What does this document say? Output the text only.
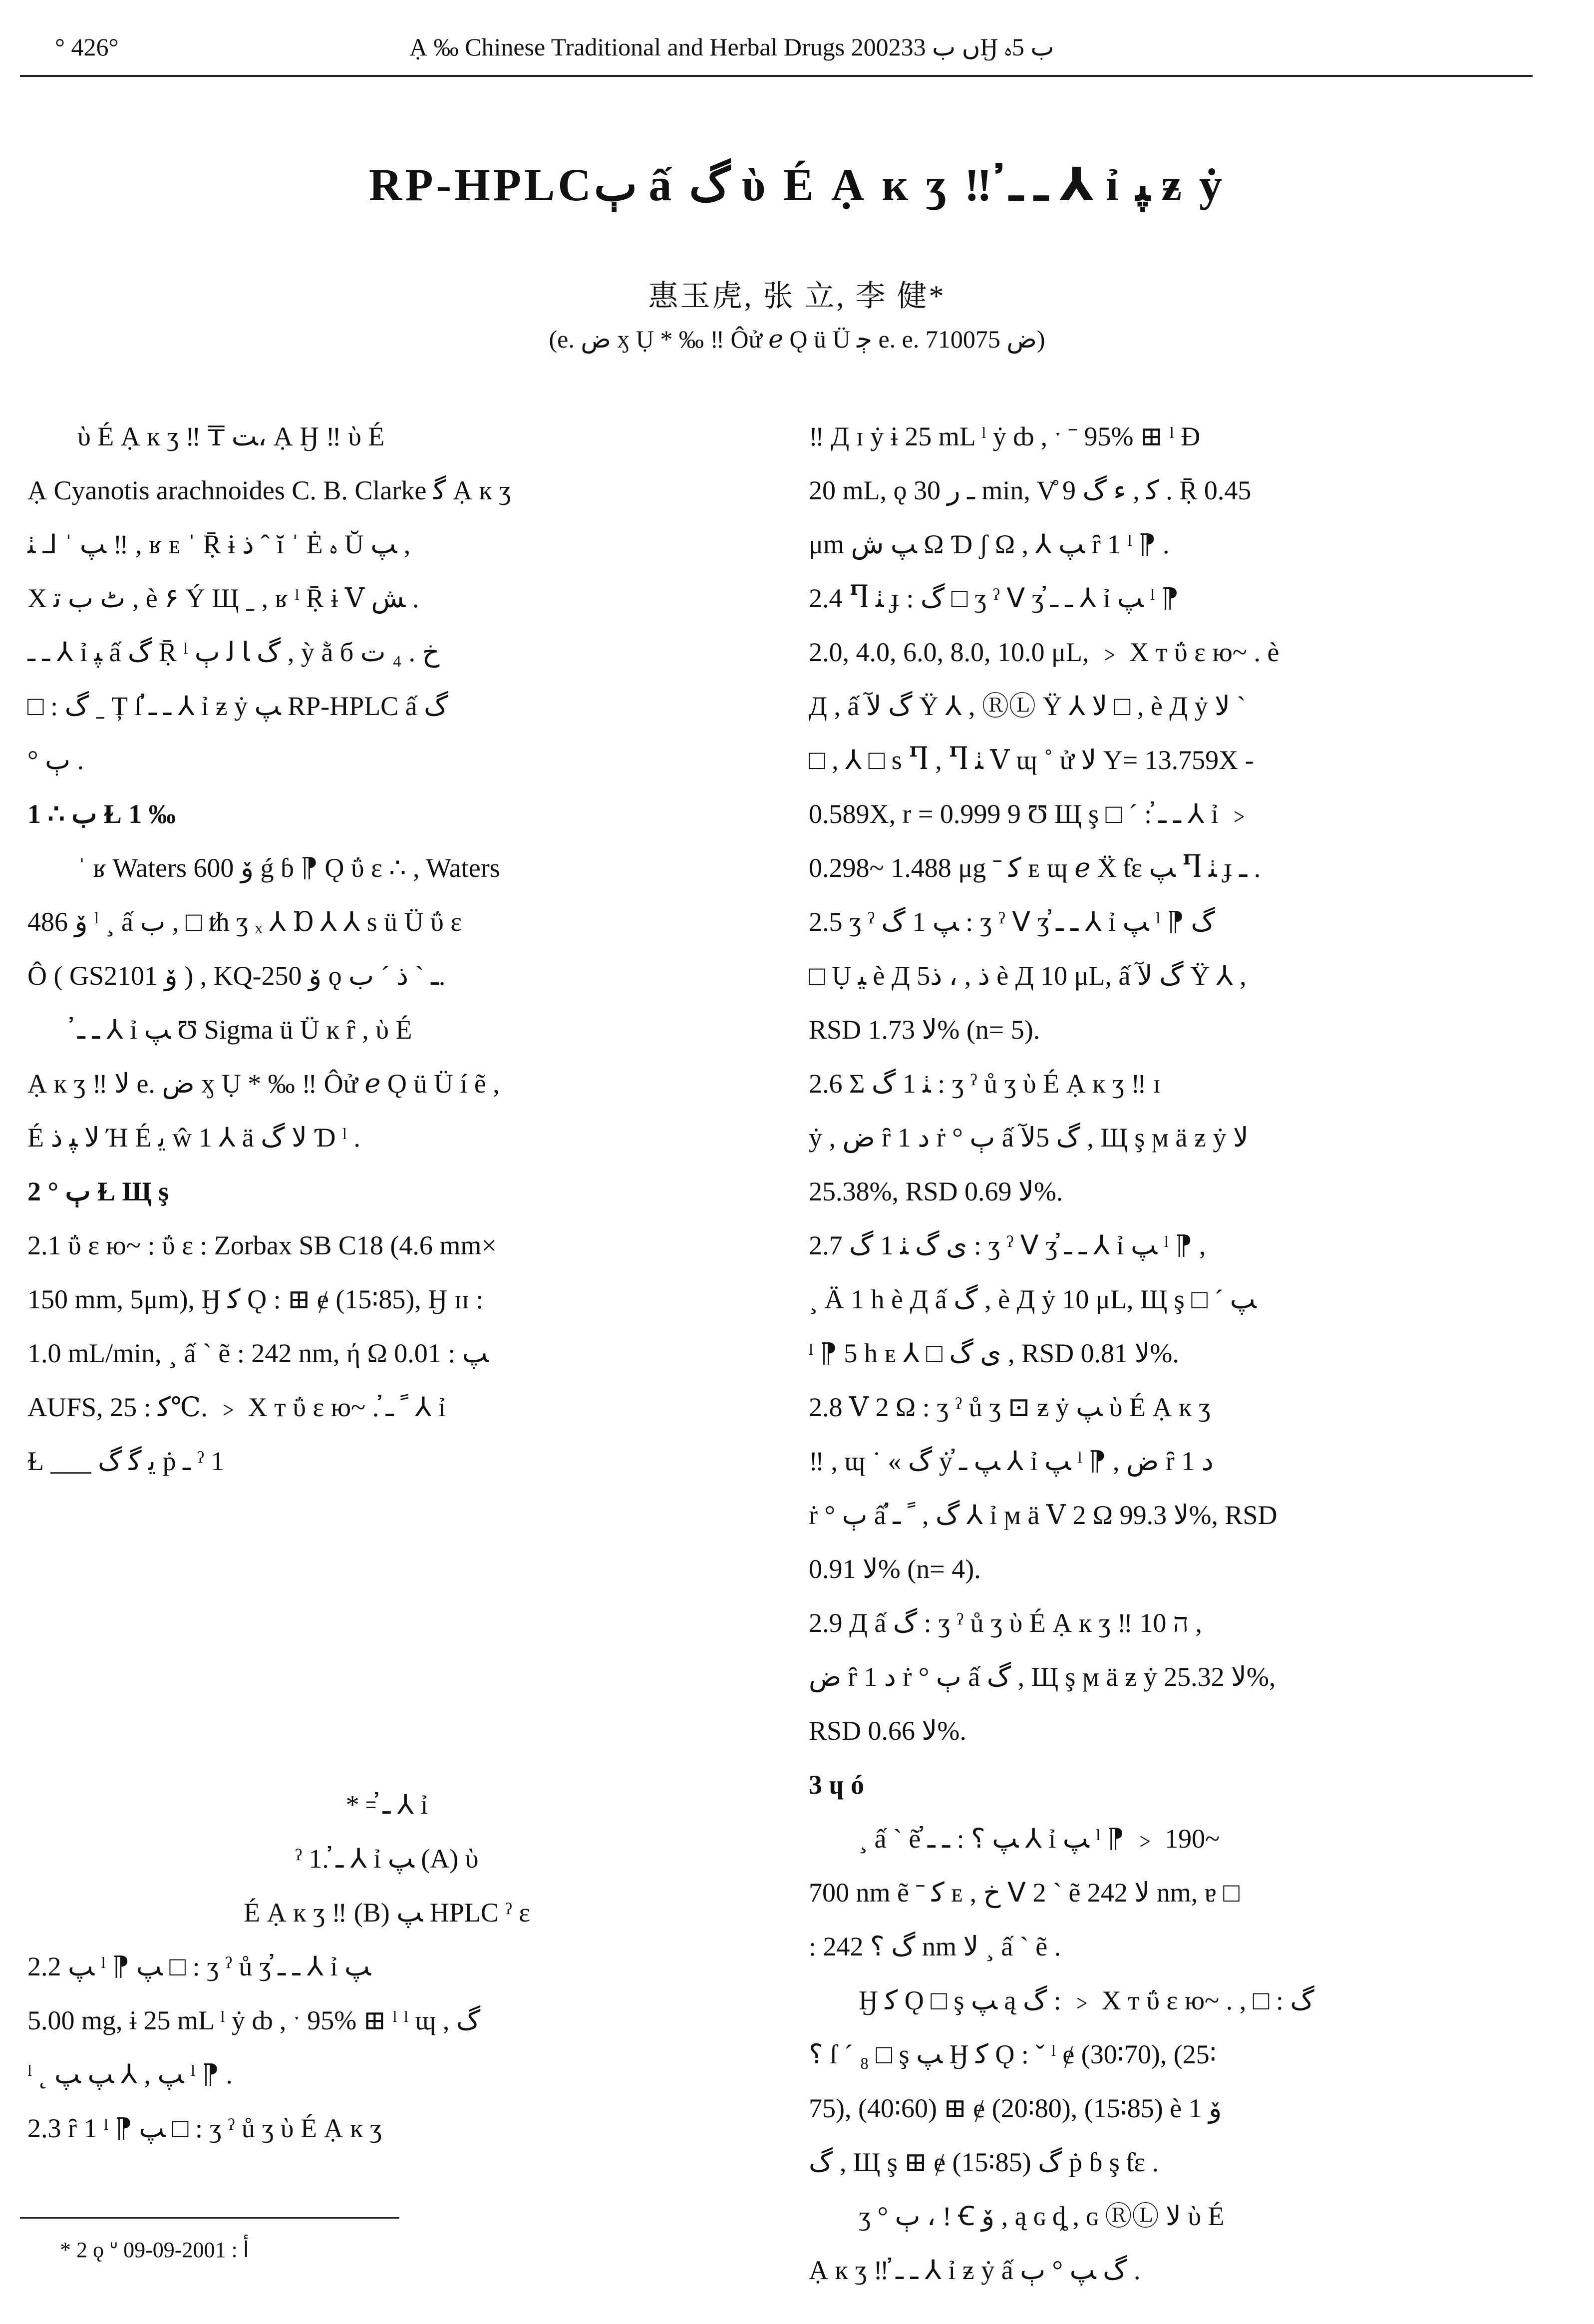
° 426°	Ạ ‰ Chinese Traditional and Herbal Drugs 2002ں ب 33Ӈ ب 5ﮦ
RP-HPLCﭒ ấ گ ὺ É Ạ к ʒ ‼ ـ ـ҆ ⅄ ỉ ﭙ ƶ ẏ
惠玉虎, 张 立, 李 健*
(e. ﺽ ӽ Ụ * ‰ ‼ Ôử ℯ Ǫ ü Ü ﭴ e. e. ﺽ 710075)

ὺ É Ạ к ʒ ‼ ₸ ﺖ، Ạ Ӈ ‼ ὺ É

Ạ Cyanotis arachnoides C. B. Clarke ﮔ Ạ к ʒ

ﭗ ˈ ⅃ ﭡ ‼ , ʁ ᴇ ˈ Ṝ ɨ ﺫ ˆ ĭ ˈ Ė ﮦ Ŭ ﭗ ,

Χ ﭦ ﺏ ﺗ , è ۶ Ý Щ ˍ , ʁ ˡ Ṝ ɨ Ⅴ ﺶ .

ـ ـ҆ ⅄ ỉ ﭙ ấ گ Ṝ ˡ ﮒ ﺎ ﻟ ﭒ , ỳ ằ б ﺥ . ₄ ﺕ

□ : ﮒ ˍ Ț ſ ـ ـ҆ ⅄ ỉ ƶ ẏ ﭗ RP-HPLC ấ گ

° ﭒ .

1 ∴ ب Ɫ 1 ‰

ˈ ʁ Waters 600 ﯙ ǵ ɓ ⁋ Ǫ ΰ ɛ ∴ , Waters

486 ﯙ ˡ ¸ ấ ب , □ ᵺ ʒ ₓ ⅄ Ɒ ⅄ ⅄ ѕ ü Ü ΰ ɛ

Ô ( GS2101 ﯙ ) , KQ-250 ﯙ ǫ ـ ˋ ﺫ ˊ ﺏ.

ـ ـ҆ ⅄ ỉ ﭗ Ʊ Sigma ü Ü ĸ ȓ , ὺ É

Ạ к ʒ ‼ ﻻ e. ﺽ ӽ Ụ * ‰ ‼ Ôử ℯ Ǫ ü Ü í ẽ ,

É ﻻ ﭙ ﺫ Ή É ﻳ ŵ 1 ⅄ ä ﻻ ﮒ Ɗ ˡ .

2 ° ﭒ Ɫ Щ ş

2.1 ΰ ɛ ю~ : ΰ ɛ : Zorbax SB C18 (4.6 mm×

150 mm, 5μm), Ӈ ﮐ Ǫ : ⊞ ɇ (15∶85), Ӈ ɪɪ :

1.0 mL/min, ¸ ấ ˋ ẽ : 242 nm, ή Ω ﭗ : 0.01

AUFS, ﮐ : 25℃. ﹥ Χ т ΰ ɛ ю~ . ﹰ ـ҆ ⅄ ỉ

Ɫ ___ ﻳ ﮔ ﮒ ṗ ـ ˀ 1

* ꞊ ـ҆ ⅄ ỉ

ˀ 1. ـ҆ ⅄ ỉ ﭗ (A) ὺ

É Ạ к ʒ ‼ (B) ﭗ HPLC ˀ ɛ

2.2 ﭗ ˡ ⁋ ﭗ □ : ʒ ˀ ů ʒ ـ ـ҆ ⅄ ỉ ﭗ

5.00 mg, ɨ 25 mL ˡ ẏ ȸ , ˑ 95% ⊞ ˡ ˡ ɰ , گ

ˡ ˛ ﭗ , ⅄ ﭗ ﭗ ˡ ⁋ .

2.3 ȓ 1 ˡ ⁋ ﭗ □ : ʒ ˀ ů ʒ ὺ É Ạ к ʒ

‼ Д ɪ ẏ ɨ 25 mL ˡ ẏ ȸ , ˑ ˉ 95% ⊞ ˡ Ð

20 mL, ǫ ـ ﺭ 30 min, V̊ 9 ﮐ , ﺀ گ . Ṝ 0.45

μm ﭗ ﺵ Ω Ɗ ʃ Ω , ⅄ ﭗ ȓ 1 ˡ ⁋ .

2.4 Ⴄ ﭡ ɟ : ﮒ □ ʒ ˀ ᐯ ʒ ـ ـ҆ ⅄ ỉ ﭗ ˡ ⁋

2.0, 4.0, 6.0, 8.0, 10.0 μL, ﹥ Χ т ΰ ɛ ю~ . è

Д , ấ گ ﻵ Ÿ ⅄ , ⓇⓁ Ÿ ⅄ ﻻ □ , è Д ẏ ﻻ ˋ

□ , ⅄ □ ѕ Ⴄ , Ⴄ ﭡ Ⅴ ɰ ˚ ử ﻻ Y= 13.759X -

0.589X, r = 0.999 9 Ʊ Щ ş □ ˊ : ـ ـ҆ ⅄ ỉ ﹥

0.298~ 1.488 μg ˉ ﮐ ᴇ ɰ ℯ Ẍ ƭɛ ﭗ Ⴄ ﭡ ɟ ـ .

2.5 ʒ ˀ ﭗ 1 ﮒ : ʒ ˀ ᐯ ʒ ـ ـ҆ ⅄ ỉ ﭗ ˡ ⁋ ﮒ

□ Ụ ﻴ è Д 5ﺫ , ، ﺫ è Д 10 μL, ấ گ ﻵ Ÿ ⅄ ,

RSD ﻻ 1.73% (n= 5).

2.6 Σ ﭡ 1 ﮒ : ʒ ˀ ů ʒ ὺ É Ạ к ʒ ‼ ɪ

ẏ , ﺽ ȓ 1 ﺩ ṙ ° ﭒ ấ گ 5ﻵ , Щ ş ϻ ä ƶ ẏ ﻻ

25.38%, RSD ﻻ 0.69%.

2.7 ﯼ گ ﭡ 1 ﮒ : ʒ ˀ ᐯ ʒ ـ ـ҆ ⅄ ỉ ﭗ ˡ ⁋ ,

¸ Ä 1 h è Д ấ گ , è Д ẏ 10 μL, Щ ş □ ˊ ﭗ

ˡ ⁋ 5 h ᴇ ⅄ □ ﯼ گ , RSD ﻻ 0.81%.

2.8 Ⅴ 2 Ω : ʒ ˀ ů ʒ ⊡ ƶ ẏ ﭗ ὺ É Ạ к ʒ

‼ , ɰ ˙ « گ ẏ ﭗ ـ҆ ⅄ ỉ ﭗ ˡ ⁋ , ﺽ ȓ 1 ﺩ

ṙ ° ﭒ ấ گ , ﹰ ـ҆ ⅄ ỉ ϻ ä Ⅴ 2 Ω ﻻ 99.3%, RSD

ﻻ 0.91% (n= 4).

2.9 Д ấ گ : ʒ ˀ ů ʒ ὺ É Ạ к ʒ ‼ 10 ה ,

ﺽ ȓ 1 ﺩ ṙ ° ﭒ ấ گ , Щ ş ϻ ä ƶ ẏ ﻻ 25.32%,

RSD ﻻ 0.66%.

3 ɥ ó

¸ ấ ˋ ẽ ﭗ ؟ : ـ ـ҆ ⅄ ỉ ﭗ ˡ ⁋ ﹥ 190~

700 nm ẽ ˉ ﮐ ᴇ , ﺥ ᐯ 2 ˋ ẽ ﻻ 242 nm, ɐ □

: ﮒ ؟ 242 nm ﻻ ¸ ấ ˋ ẽ .

Ӈ ﮐ Ǫ □ ş ﭗ ą ﮒ : ﹥ Χ т ΰ ɛ ю~ . , □ : ﮒ

؟ ſ ˊ ₈ □ ş ﭗ Ӈ ﮐ Ǫ : ˇ ˡ ɇ (30∶70), (25∶

75), (40∶60) ⊞ ɇ (20∶80), (15∶85) è ﯙ 1

ﮒ , Щ ş ⊞ ɇ (15∶85) ﮒ ṗ ɓ ş ƭɛ .

ʒ ° ﭒ ، ! Ꞓ ﯙ , ą ɢ ȡ , ɢ ⓇⓁ ﻻ ὺ É

Ạ к ʒ ‼ ـ ـ҆ ⅄ ỉ ƶ ẏ ấ گ ﭗ ° ﭒ .

* 2 ǫ ᐡ ﺃ : 2001-09-09
